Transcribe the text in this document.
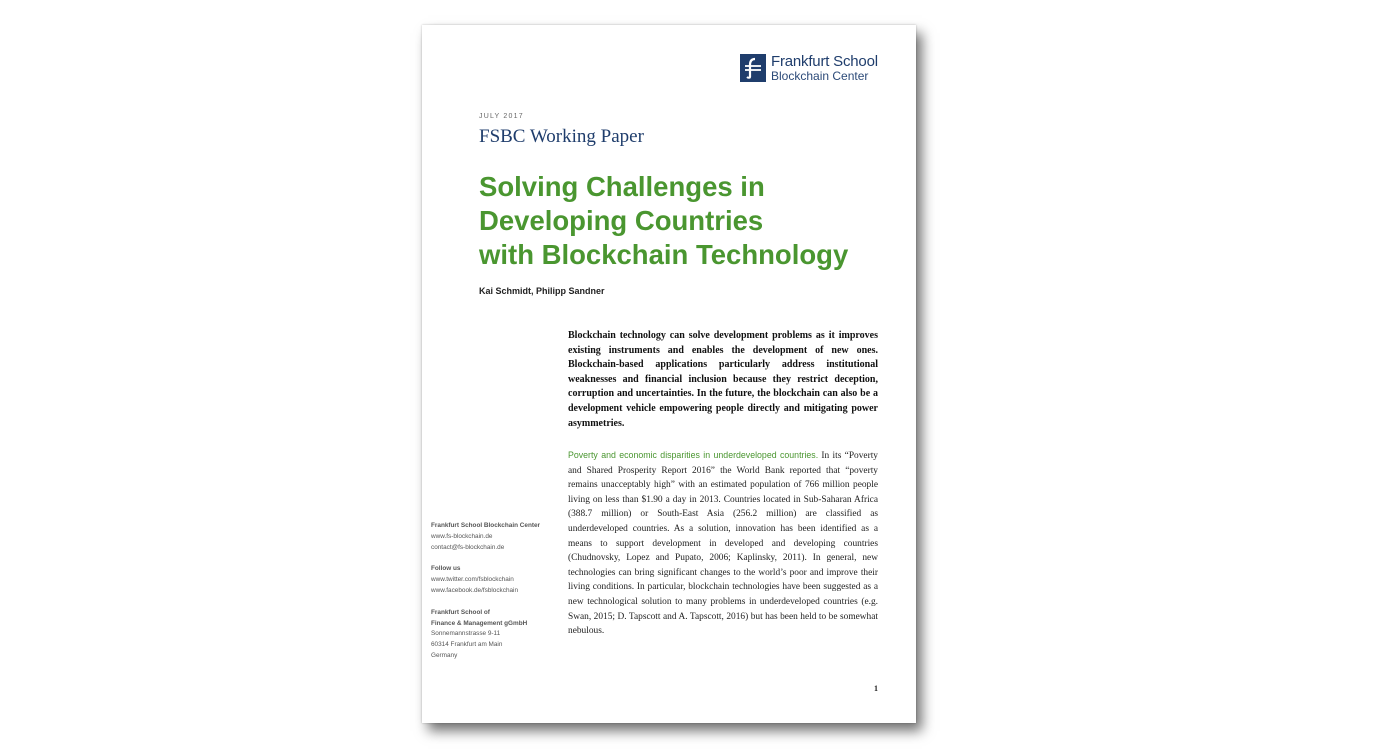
Frankfurt School
Blockchain Center
JULY 2017
FSBC Working Paper
Solving Challenges in
Developing Countries
with Blockchain Technology
Kai Schmidt, Philipp Sandner
Blockchain technology can solve development problems as it improves existing instruments and enables the development of new ones. Blockchain-based applications particularly address institutional weaknesses and financial inclusion because they restrict deception, corruption and uncertainties. In the future, the blockchain can also be a development vehicle empowering people directly and mitigating power asymmetries.
Poverty and economic disparities in underdeveloped countries. In its “Poverty and Shared Prosperity Report 2016” the World Bank reported that “poverty remains unacceptably high” with an estimated population of 766 million people living on less than $1.90 a day in 2013. Countries located in Sub-Saharan Africa (388.7 million) or South-East Asia (256.2 million) are classified as underdeveloped countries. As a solution, innovation has been identified as a means to support development in developed and developing countries (Chudnovsky, Lopez and Pupato, 2006; Kaplinsky, 2011). In general, new technologies can bring significant changes to the world’s poor and improve their living conditions. In particular, blockchain technologies have been suggested as a new technological solution to many problems in underdeveloped countries (e.g. Swan, 2015; D. Tapscott and A. Tapscott, 2016) but has been held to be somewhat nebulous.
Frankfurt School Blockchain Center
www.fs-blockchain.de
contact@fs-blockchain.de
Follow us
www.twitter.com/fsblockchain
www.facebook.de/fsblockchain
Frankfurt School of
Finance & Management gGmbH
Sonnemannstrasse 9-11
60314 Frankfurt am Main
Germany
1
